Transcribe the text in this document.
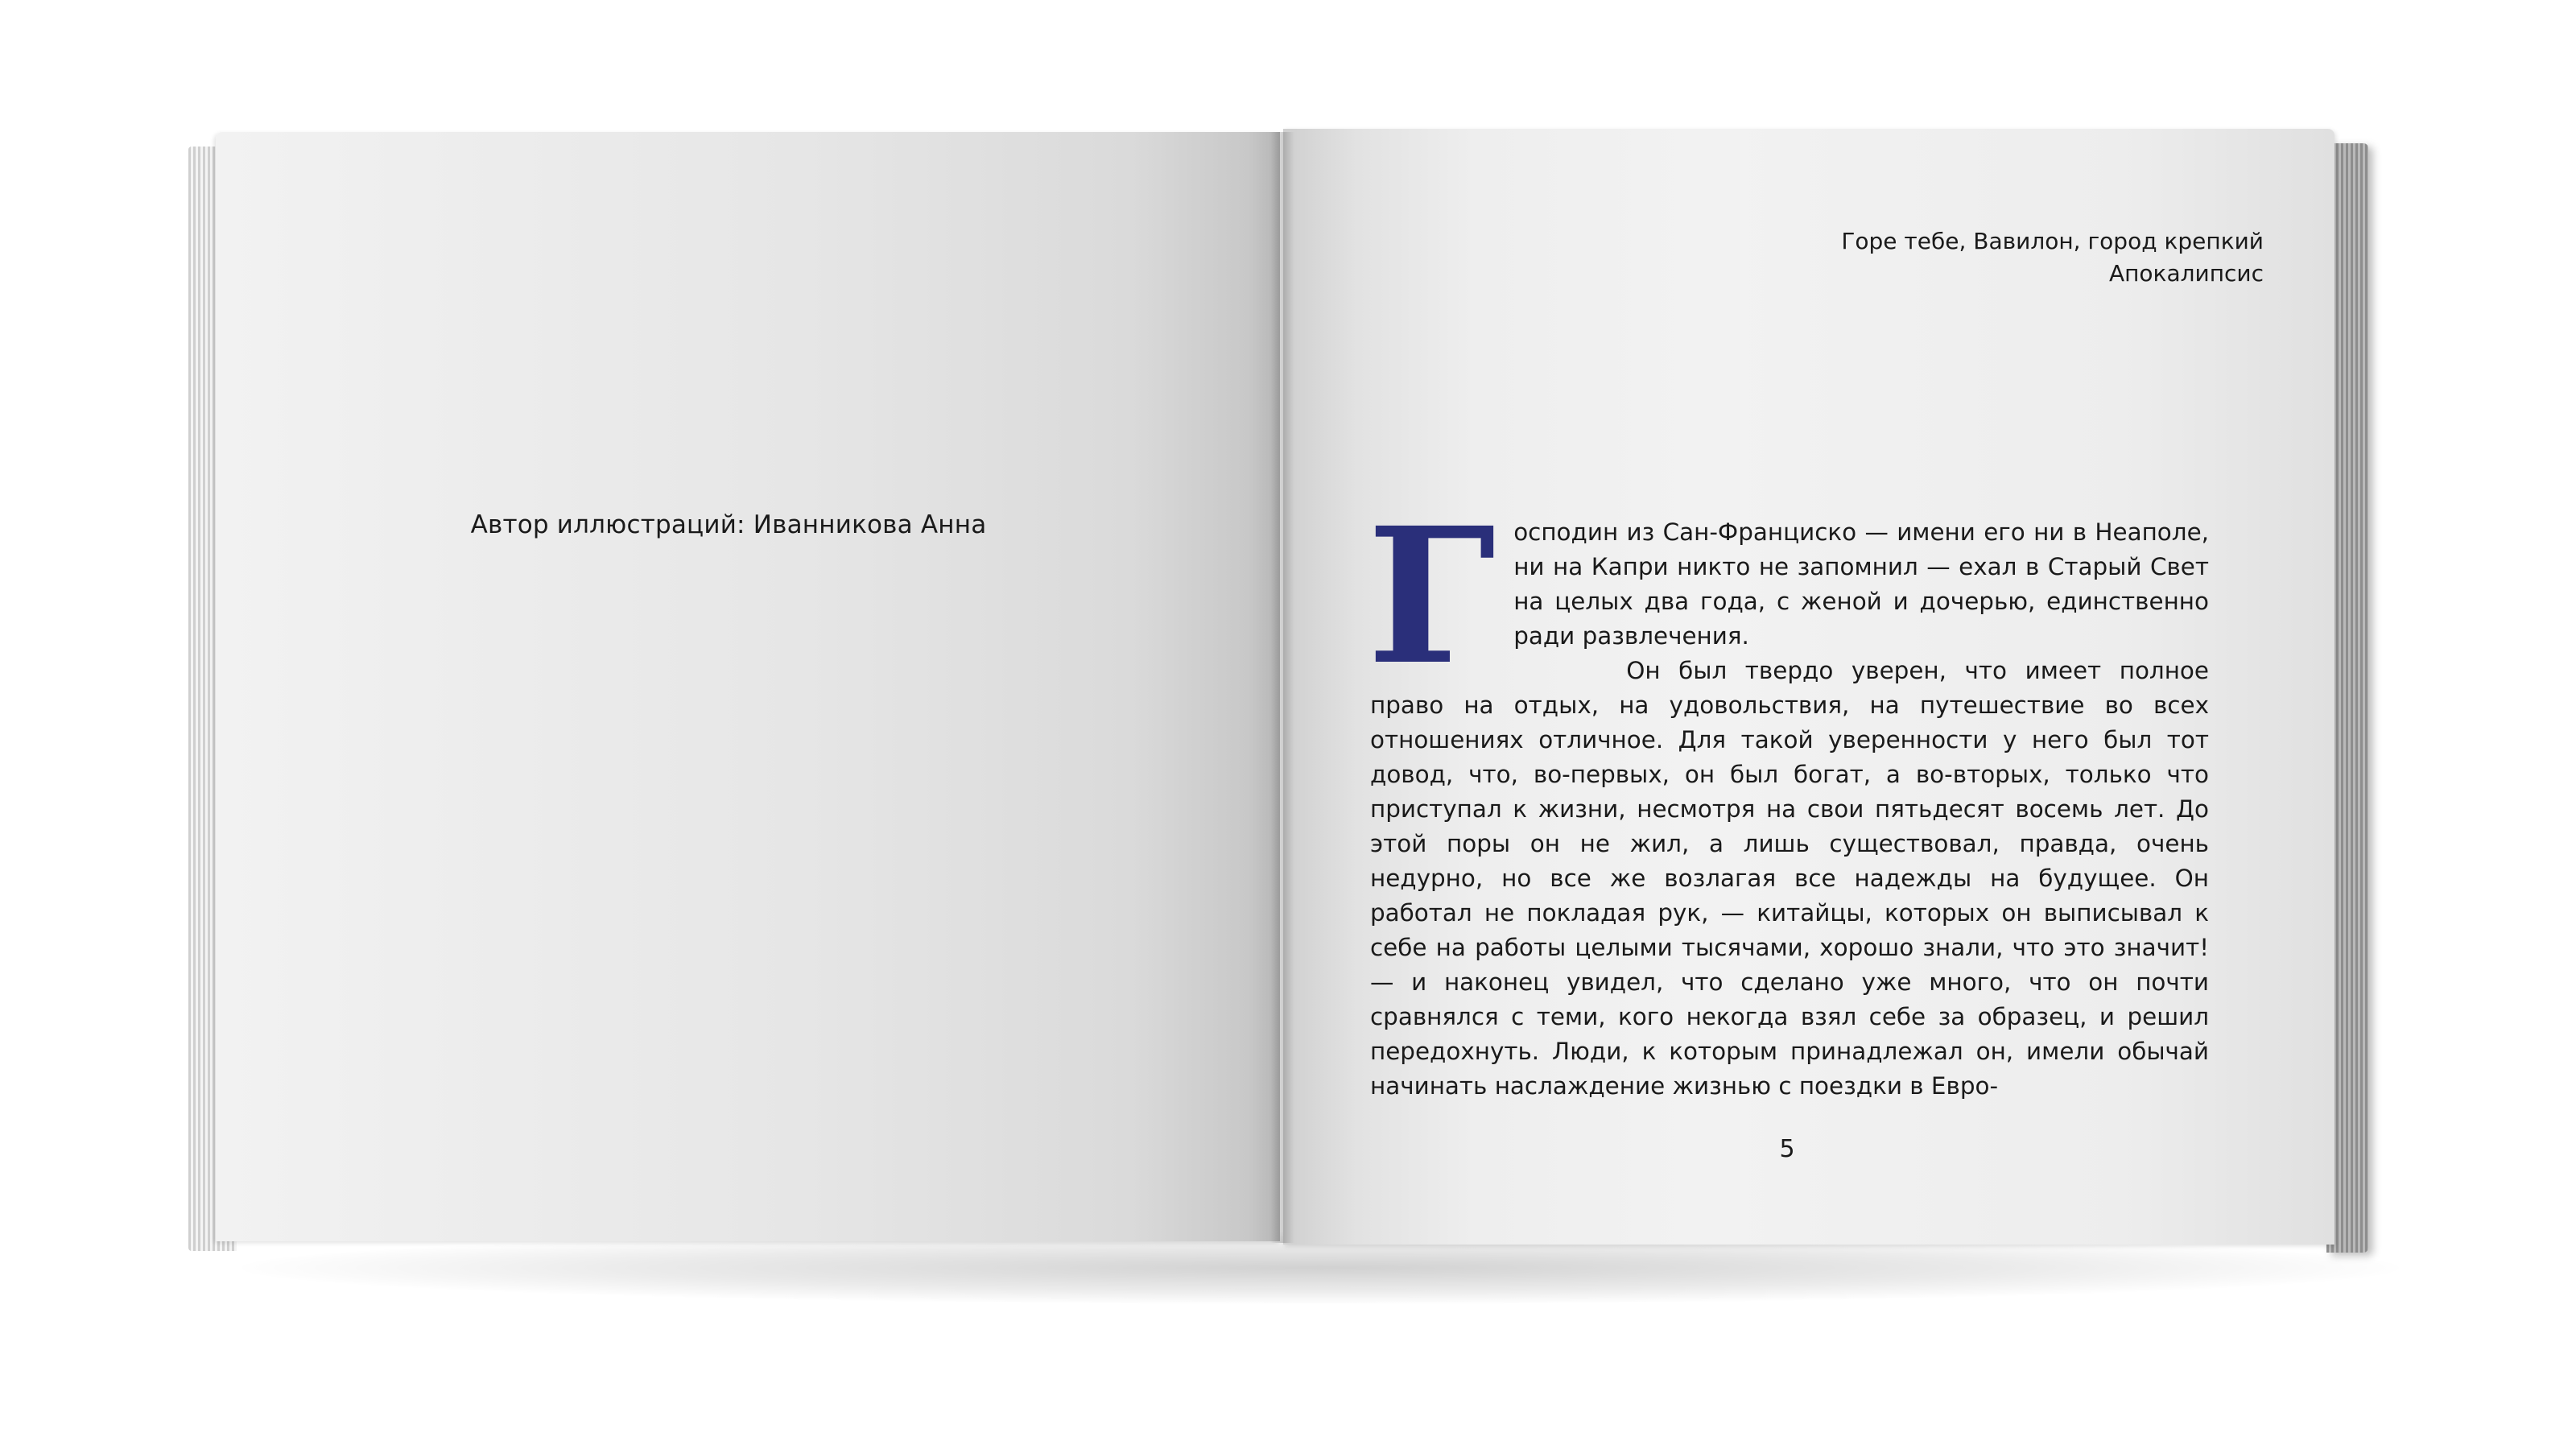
Автор иллюстраций: Иванникова Анна
Горе тебе, Вавилон, город крепкий
Апокалипсис

Господин из Сан-Франциско — имени его ни в Неаполе, ни на Капри никто не запомнил — ехал в Старый Свет на целых два года, с женой и дочерью, единственно ради развлечения.

Он был твердо уверен, что имеет полное право на отдых, на удовольствия, на путешествие во всех отношениях отличное. Для такой уверенности у него был тот довод, что, во-первых, он был богат, а во-вторых, только что приступал к жизни, несмотря на свои пятьдесят восемь лет. До этой поры он не жил, а лишь существовал, правда, очень недурно, но все же возлагая все надежды на будущее. Он работал не покладая рук, — китайцы, которых он выписывал к себе на работы целыми тысячами, хорошо знали, что это значит! — и наконец увидел, что сделано уже много, что он почти сравнялся с теми, кого некогда взял себе за образец, и решил передохнуть. Люди, к которым принадлежал он, имели обычай начинать наслаждение жизнью с поездки в Евро-

5
